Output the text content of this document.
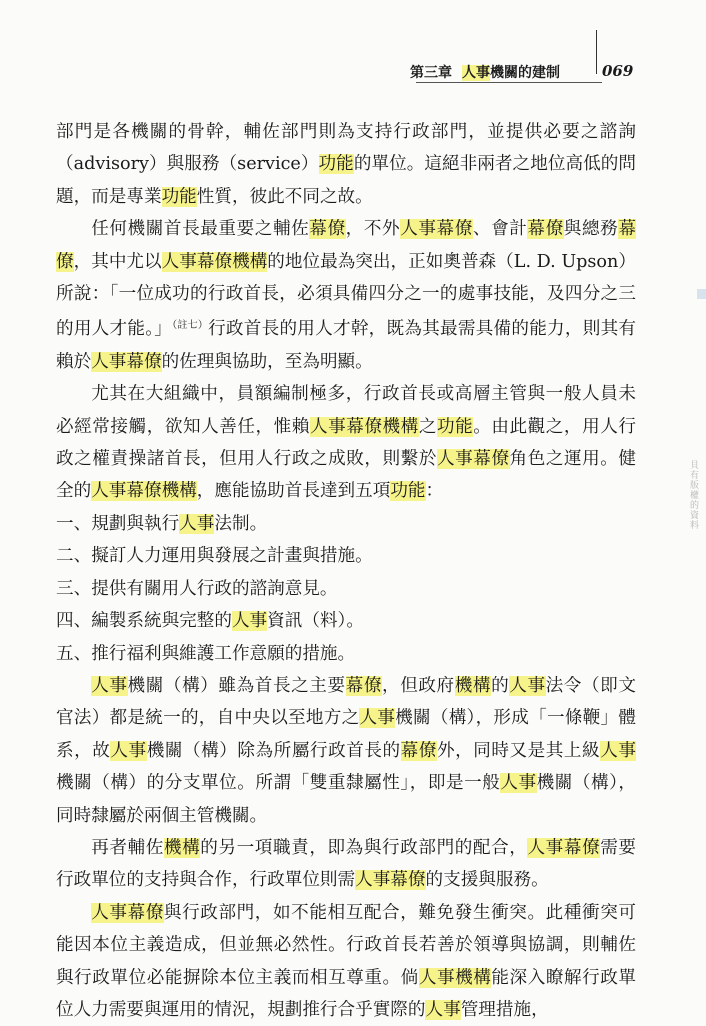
第三章 人事機關的建制	069

部門是各機關的骨幹，輔佐部門則為支持行政部門，並提供必要之諮詢（advisory）與服務（service）功能的單位。這絕非兩者之地位高低的問題，而是專業功能性質，彼此不同之故。

任何機關首長最重要之輔佐幕僚，不外人事幕僚、會計幕僚與總務幕僚，其中尤以人事幕僚機構的地位最為突出，正如奧普森（L. D. Upson）所說：「一位成功的行政首長，必須具備四分之一的處事技能，及四分之三的用人才能。」$^{(註七)}$行政首長的用人才幹，既為其最需具備的能力，則其有賴於人事幕僚的佐理與協助，至為明顯。

尤其在大組織中，員額編制極多，行政首長或高層主管與一般人員未必經常接觸，欲知人善任，惟賴人事幕僚機構之功能。由此觀之，用人行政之權責操諸首長，但用人行政之成敗，則繫於人事幕僚角色之運用。健全的人事幕僚機構，應能協助首長達到五項功能：

一、規劃與執行人事法制。

二、擬訂人力運用與發展之計畫與措施。

三、提供有關用人行政的諮詢意見。

四、編製系統與完整的人事資訊（料）。

五、推行福利與維護工作意願的措施。

人事機關（構）雖為首長之主要幕僚，但政府機構的人事法令（即文官法）都是統一的，自中央以至地方之人事機關（構），形成「一條鞭」體系，故人事機關（構）除為所屬行政首長的幕僚外，同時又是其上級人事機關（構）的分支單位。所謂「雙重隸屬性」，即是一般人事機關（構），同時隸屬於兩個主管機關。

再者輔佐機構的另一項職責，即為與行政部門的配合，人事幕僚需要行政單位的支持與合作，行政單位則需人事幕僚的支援與服務。

人事幕僚與行政部門，如不能相互配合，難免發生衝突。此種衝突可能因本位主義造成，但並無必然性。行政首長若善於領導與協調，則輔佐與行政單位必能摒除本位主義而相互尊重。倘人事機構能深入瞭解行政單位人力需要與運用的情況，規劃推行合乎實際的人事管理措施，

貝有版權的資料
